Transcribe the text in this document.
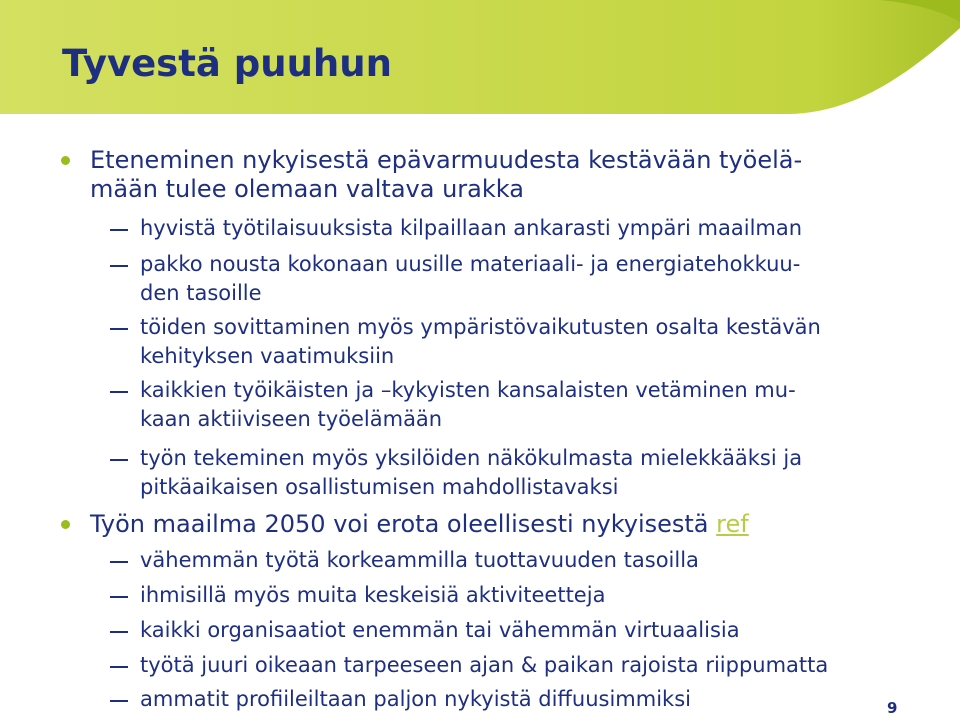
Tyvestä puuhun
Eteneminen nykyisestä epävarmuudesta kestävään työelä-
mään tulee olemaan valtava urakka
hyvistä työtilaisuuksista kilpaillaan ankarasti ympäri maailman
pakko nousta kokonaan uusille materiaali- ja energiatehokkuu-
den tasoille
töiden sovittaminen myös ympäristövaikutusten osalta kestävän
kehityksen vaatimuksiin
kaikkien työikäisten ja –kykyisten kansalaisten vetäminen mu-
kaan aktiiviseen työelämään
työn tekeminen myös yksilöiden näkökulmasta mielekkääksi ja
pitkäaikaisen osallistumisen mahdollistavaksi
Työn maailma 2050 voi erota oleellisesti nykyisestä ref
vähemmän työtä korkeammilla tuottavuuden tasoilla
ihmisillä myös muita keskeisiä aktiviteetteja
kaikki organisaatiot enemmän tai vähemmän virtuaalisia
työtä juuri oikeaan tarpeeseen ajan & paikan rajoista riippumatta
ammatit profiileiltaan paljon nykyistä diffuusimmiksi	9
